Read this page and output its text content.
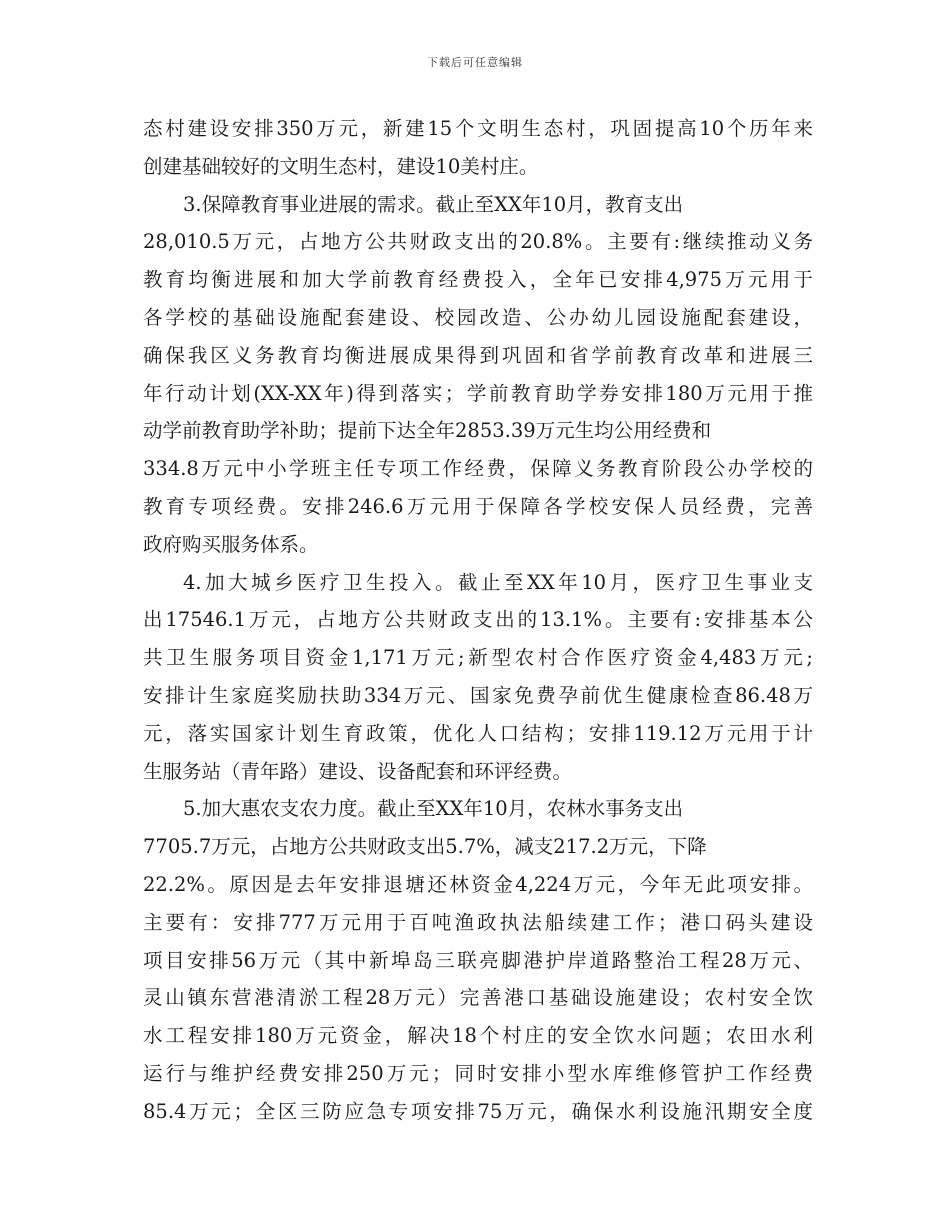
下载后可任意编辑
态村建设安排350万元，新建15个文明生态村，巩固提高10个历年来
创建基础较好的文明生态村，建设10美村庄。
3.保障教育事业进展的需求。截止至XX年10月，教育支出
28,010.5万元，占地方公共财政支出的20.8%。主要有:继续推动义务
教育均衡进展和加大学前教育经费投入，全年已安排4,975万元用于
各学校的基础设施配套建设、校园改造、公办幼儿园设施配套建设，
确保我区义务教育均衡进展成果得到巩固和省学前教育改革和进展三
年行动计划(XX-XX年)得到落实；学前教育助学券安排180万元用于推
动学前教育助学补助；提前下达全年2853.39万元生均公用经费和
334.8万元中小学班主任专项工作经费，保障义务教育阶段公办学校的
教育专项经费。安排246.6万元用于保障各学校安保人员经费，完善
政府购买服务体系。
4.加大城乡医疗卫生投入。截止至XX年10月，医疗卫生事业支
出17546.1万元，占地方公共财政支出的13.1%。主要有:安排基本公
共卫生服务项目资金1,171万元;新型农村合作医疗资金4,483万元;
安排计生家庭奖励扶助334万元、国家免费孕前优生健康检查86.48万
元，落实国家计划生育政策，优化人口结构；安排119.12万元用于计
生服务站（青年路）建设、设备配套和环评经费。
5.加大惠农支农力度。截止至XX年10月，农林水事务支出
7705.7万元，占地方公共财政支出5.7%，减支217.2万元，下降
22.2%。原因是去年安排退塘还林资金4,224万元，今年无此项安排。
主要有：安排777万元用于百吨渔政执法船续建工作；港口码头建设
项目安排56万元（其中新埠岛三联亮脚港护岸道路整治工程28万元、
灵山镇东营港清淤工程28万元）完善港口基础设施建设；农村安全饮
水工程安排180万元资金，解决18个村庄的安全饮水问题；农田水利
运行与维护经费安排250万元；同时安排小型水库维修管护工作经费
85.4万元；全区三防应急专项安排75万元，确保水利设施汛期安全度
